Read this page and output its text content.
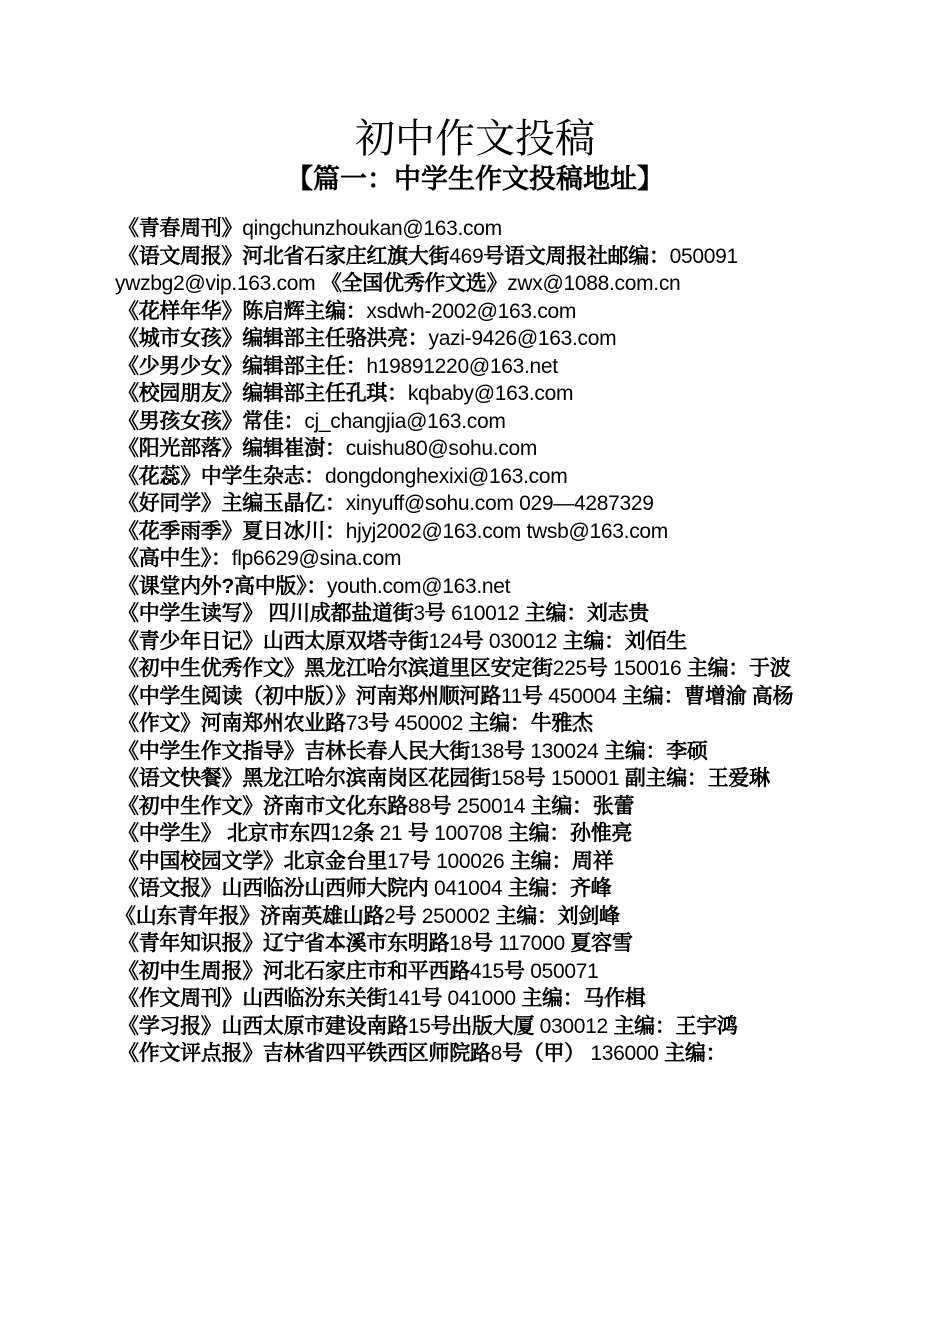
初中作文投稿
【篇一：中学生作文投稿地址】

《青春周刊》qingchunzhoukan@163.com

《语文周报》河北省石家庄红旗大街469号语文周报社邮编：050091 ywzbg2@vip.163.com 《全国优秀作文选》zwx@1088.com.cn

《花样年华》陈启辉主编：xsdwh-2002@163.com

《城市女孩》编辑部主任骆洪亮：yazi-9426@163.com

《少男少女》编辑部主任：h19891220@163.net

《校园朋友》编辑部主任孔琪：kqbaby@163.com

《男孩女孩》常佳：cj_changjia@163.com

《阳光部落》编辑崔澍：cuishu80@sohu.com

《花蕊》中学生杂志：dongdonghexixi@163.com

《好同学》主编玉晶亿：xinyuff@sohu.com 029—4287329

《花季雨季》夏日冰川：hjyj2002@163.com twsb@163.com

《高中生》：flp6629@sina.com

《课堂内外?高中版》：youth.com@163.net

《中学生读写》 四川成都盐道街3号 610012 主编：刘志贵

《青少年日记》山西太原双塔寺街124号 030012 主编：刘佰生

《初中生优秀作文》黑龙江哈尔滨道里区安定街225号 150016 主编：于波

《中学生阅读（初中版）》河南郑州顺河路11号 450004 主编：曹增渝 高杨

《作文》河南郑州农业路73号 450002 主编：牛雅杰

《中学生作文指导》吉林长春人民大街138号 130024 主编：李硕

《语文快餐》黑龙江哈尔滨南岗区花园街158号 150001 副主编：王爱琳

《初中生作文》济南市文化东路88号 250014 主编：张蕾

《中学生》 北京市东四12条 21 号 100708 主编：孙惟亮

《中国校园文学》北京金台里17号 100026 主编：周祥

《语文报》山西临汾山西师大院内 041004 主编：齐峰

《山东青年报》济南英雄山路2号 250002 主编：刘剑峰

《青年知识报》辽宁省本溪市东明路18号 117000 夏容雪

《初中生周报》河北石家庄市和平西路415号 050071

《作文周刊》山西临汾东关街141号 041000 主编：马作楫

《学习报》山西太原市建设南路15号出版大厦 030012 主编：王宇鸿

《作文评点报》吉林省四平铁西区师院路8号（甲） 136000 主编：
